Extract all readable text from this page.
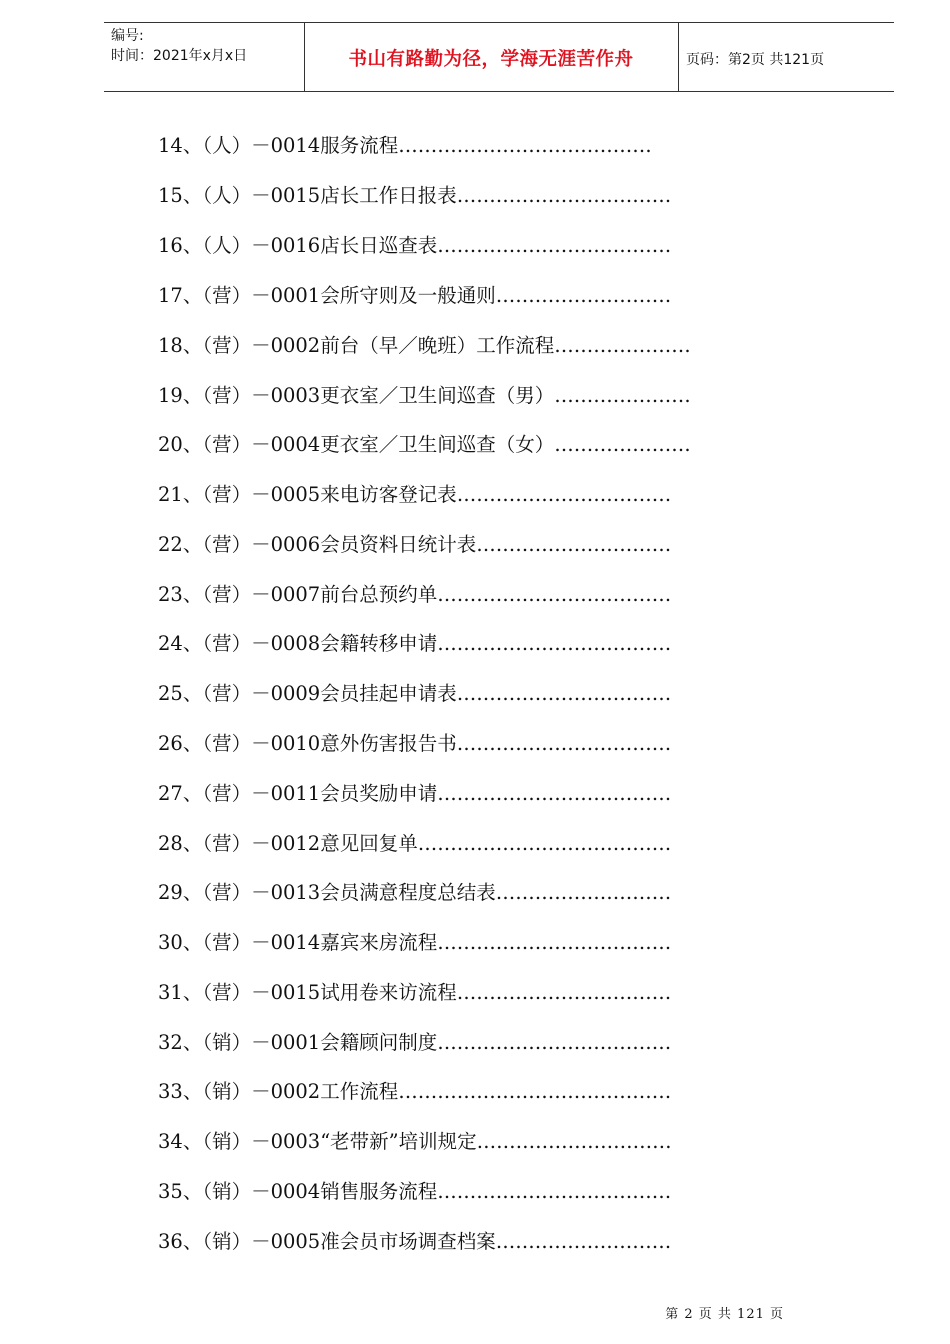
编号:
时间：2021年x月x日	书山有路勤为径，学海无涯苦作舟	页码：第2页 共121页
14、（人）－0014服务流程…………………………………
15、（人）－0015店长工作日报表……………………………
16、（人）－0016店长日巡查表………………………………
17、（营）－0001会所守则及一般通则………………………
18、（营）－0002前台（早／晚班）工作流程…………………
19、（营）－0003更衣室／卫生间巡查（男）…………………
20、（营）－0004更衣室／卫生间巡查（女）…………………
21、（营）－0005来电访客登记表……………………………
22、（营）－0006会员资料日统计表…………………………
23、（营）－0007前台总预约单………………………………
24、（营）－0008会籍转移申请………………………………
25、（营）－0009会员挂起申请表……………………………
26、（营）－0010意外伤害报告书……………………………
27、（营）－0011会员奖励申请………………………………
28、（营）－0012意见回复单…………………………………
29、（营）－0013会员满意程度总结表………………………
30、（营）－0014嘉宾来房流程………………………………
31、（营）－0015试用卷来访流程……………………………
32、（销）－0001会籍顾问制度………………………………
33、（销）－0002工作流程……………………………………
34、（销）－0003“老带新”培训规定…………………………
35、（销）－0004销售服务流程………………………………
36、（销）－0005准会员市场调查档案………………………
第 2 页 共 121 页
